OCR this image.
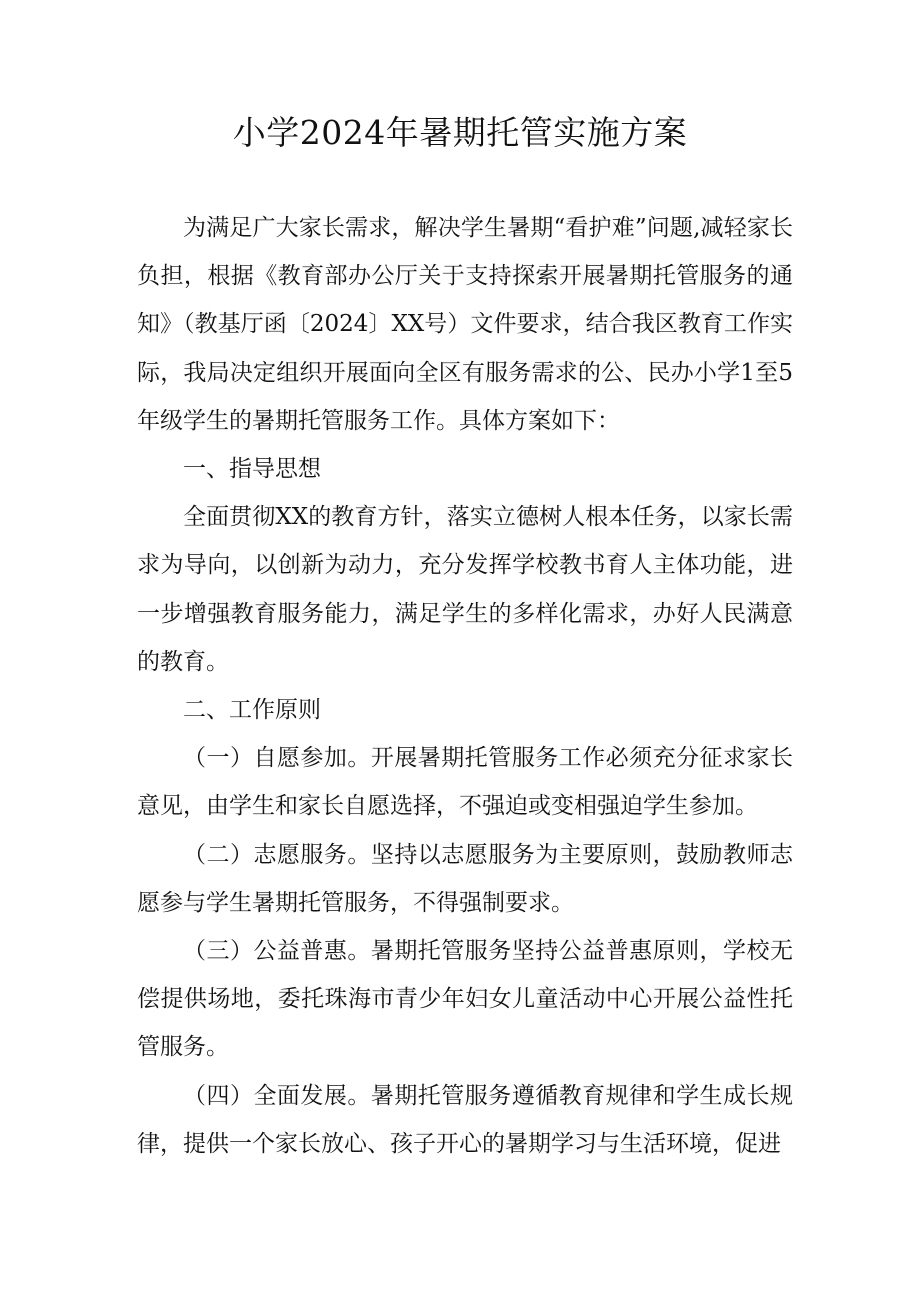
小学2024年暑期托管实施方案

为满足广大家长需求，解决学生暑期“看护难”问题,减轻家长负担，根据《教育部办公厅关于支持探索开展暑期托管服务的通知》（教基厅函〔2024〕XX号）文件要求，结合我区教育工作实际，我局决定组织开展面向全区有服务需求的公、民办小学1至5年级学生的暑期托管服务工作。具体方案如下：

一、指导思想

全面贯彻XX的教育方针，落实立德树人根本任务，以家长需求为导向，以创新为动力，充分发挥学校教书育人主体功能，进一步增强教育服务能力，满足学生的多样化需求，办好人民满意的教育。

二、工作原则

（一）自愿参加。开展暑期托管服务工作必须充分征求家长意见，由学生和家长自愿选择，不强迫或变相强迫学生参加。

（二）志愿服务。坚持以志愿服务为主要原则，鼓励教师志愿参与学生暑期托管服务，不得强制要求。

（三）公益普惠。暑期托管服务坚持公益普惠原则，学校无偿提供场地，委托珠海市青少年妇女儿童活动中心开展公益性托管服务。

（四）全面发展。暑期托管服务遵循教育规律和学生成长规律，提供一个家长放心、孩子开心的暑期学习与生活环境，促进
